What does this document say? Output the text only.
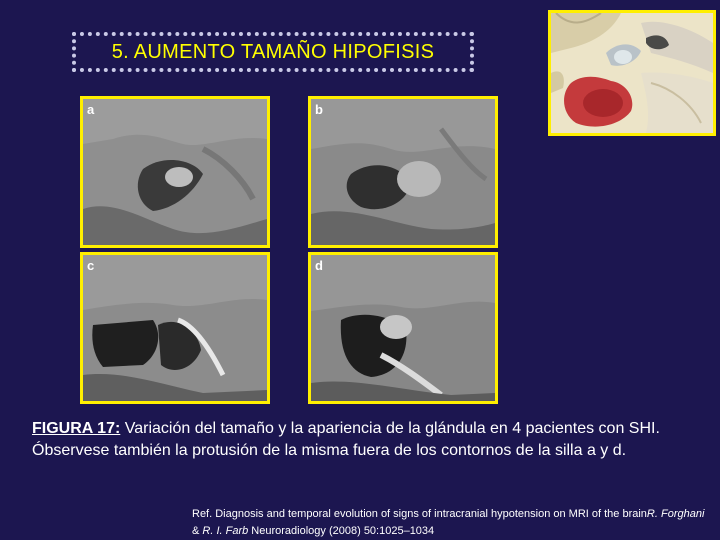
5. AUMENTO TAMAÑO HIPOFISIS
a	b
c	d
FIGURA 17: Variación del tamaño y la apariencia de la glándula en 4 pacientes con SHI. Óbservese también la protusión de la misma fuera de los contornos de la silla a y d.
Ref. Diagnosis and temporal evolution of signs of intracranial hypotension on MRI of the brainR. Forghani & R. I. Farb Neuroradiology (2008) 50:1025–1034
